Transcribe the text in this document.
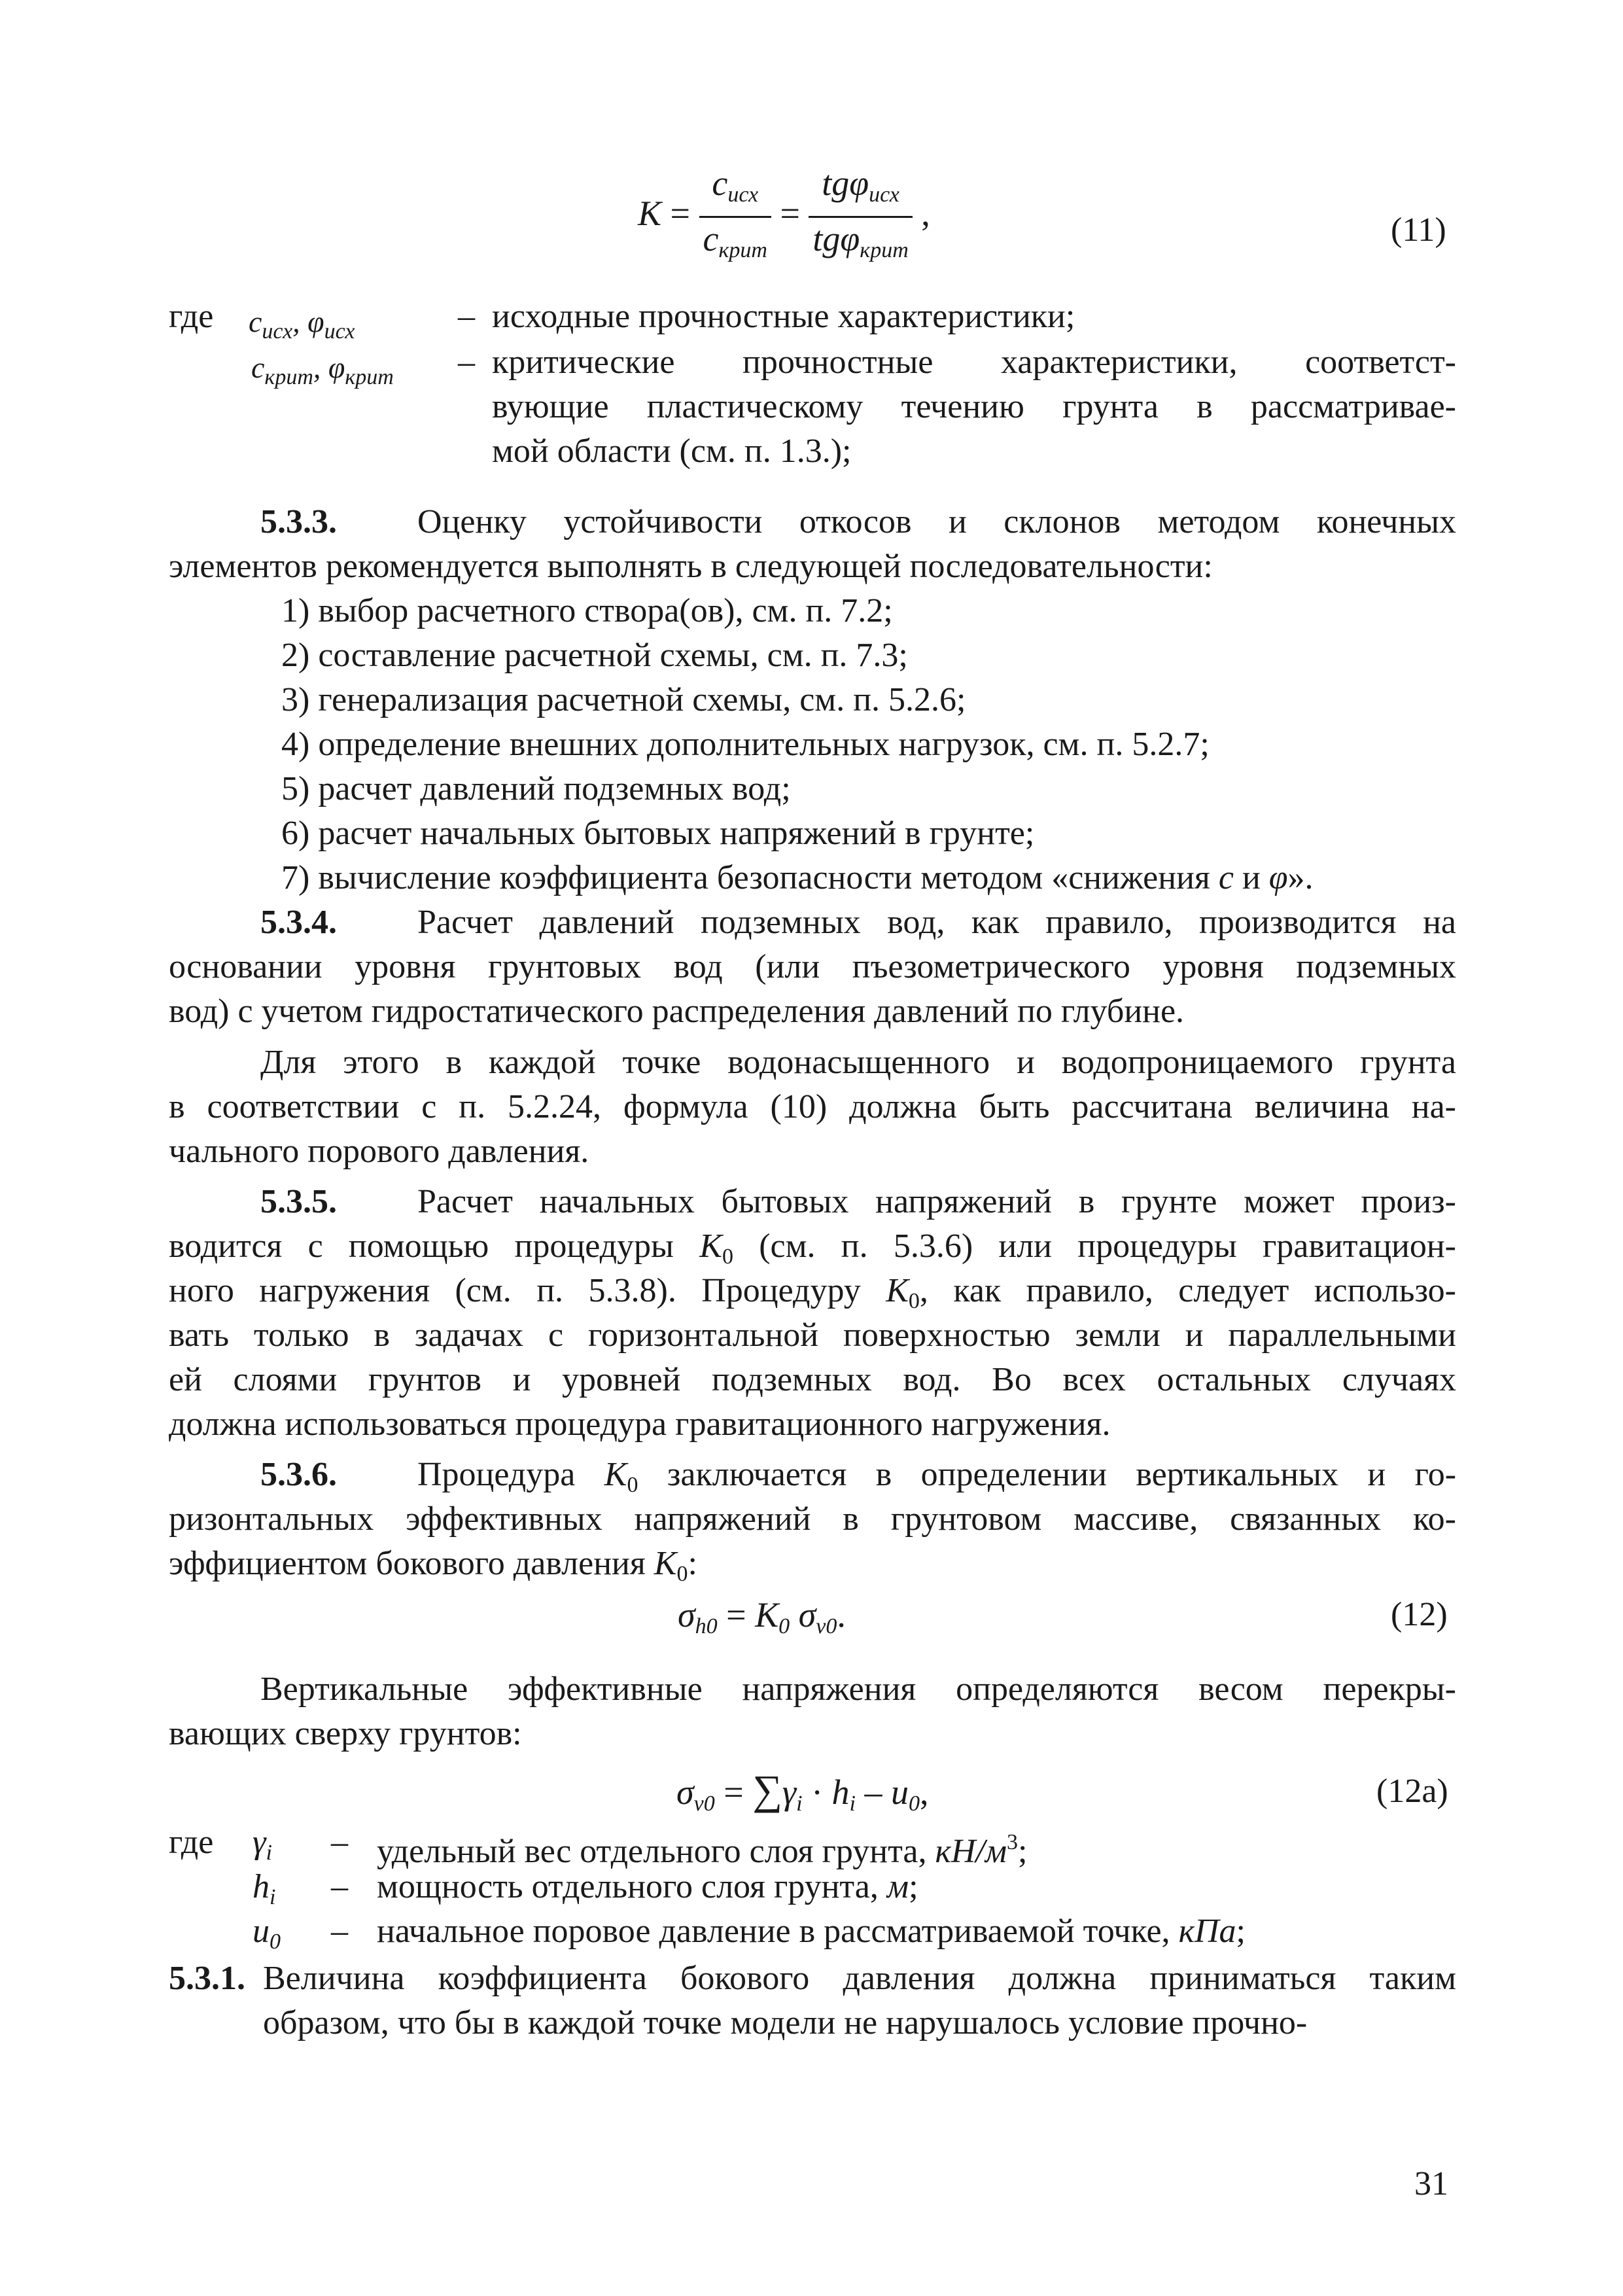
$K = \frac{c_{исх}}{c_{крит}} = \frac{tg\varphi_{исх}}{tg\varphi_{крит}}$ ,	(11)
где $c_{исх}$, $\varphi_{исх}$	– исходные прочностные характеристики;
$c_{крит}$, $\varphi_{крит}$ – критические прочностные характеристики, соответст-
вующие пластическому течению грунта в рассматривае-
мой области (см. п. 1.3.);
5.3.3. Оценку устойчивости откосов и склонов методом конечных
элементов рекомендуется выполнять в следующей последовательности:
1) выбор расчетного створа(ов), см. п. 7.2;
2) составление расчетной схемы, см. п. 7.3;
3) генерализация расчетной схемы, см. п. 5.2.6;
4) определение внешних дополнительных нагрузок, см. п. 5.2.7;
5) расчет давлений подземных вод;
6) расчет начальных бытовых напряжений в грунте;
7) вычисление коэффициента безопасности методом «снижения c и φ».
5.3.4. Расчет давлений подземных вод, как правило, производится на
основании уровня грунтовых вод (или пъезометрического уровня подземных
вод) с учетом гидростатического распределения давлений по глубине.
Для этого в каждой точке водонасыщенного и водопроницаемого грунта
в соответствии с п. 5.2.24, формула (10) должна быть рассчитана величина на-
чального порового давления.
5.3.5. Расчет начальных бытовых напряжений в грунте может произ-
водится с помощью процедуры K0 (см. п. 5.3.6) или процедуры гравитацион-
ного нагружения (см. п. 5.3.8). Процедуру K0, как правило, следует использо-
вать только в задачах с горизонтальной поверхностью земли и параллельными
ей слоями грунтов и уровней подземных вод. Во всех остальных случаях
должна использоваться процедура гравитационного нагружения.
5.3.6. Процедура K0 заключается в определении вертикальных и го-
ризонтальных эффективных напряжений в грунтовом массиве, связанных ко-
эффициентом бокового давления K0:
$\sigma_{h0} = K0$ $\sigma_{v0}$.	(12)
Вертикальные эффективные напряжения определяются весом перекры-
вающих сверху грунтов:
$\sigma_{v0} = \sum\gamma_i \cdot h_i - u0$,	(12a)
где $\gamma_i$ – удельный вес отдельного слоя грунта, $кН/м^3$;
$h_i$ – мощность отдельного слоя грунта, м;
$u_0$ – начальное поровое давление в рассматриваемой точке, кПа;
5.3.1. Величина коэффициента бокового давления должна приниматься таким
образом, что бы в каждой точке модели не нарушалось условие прочно-
31
